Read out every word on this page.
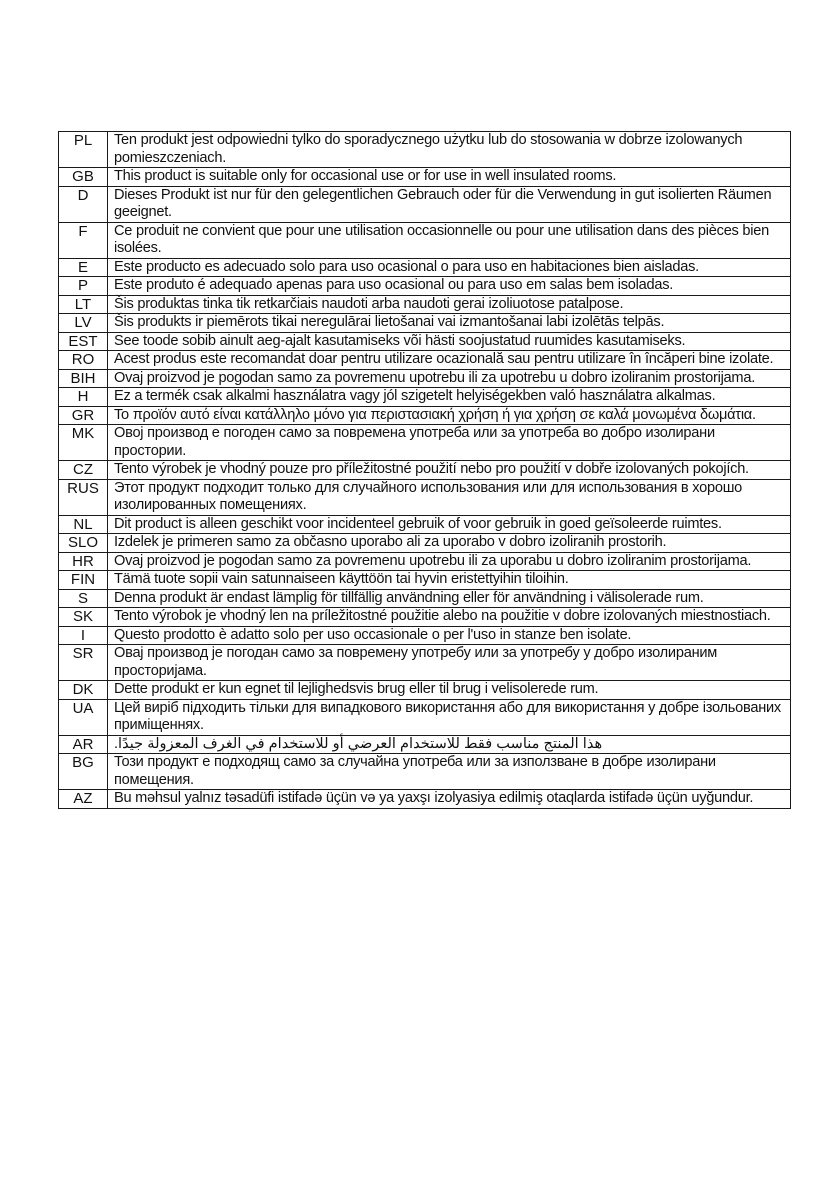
PL	Ten produkt jest odpowiedni tylko do sporadycznego użytku lub do stosowania w dobrze izolowanych pomieszczeniach.
GB	This product is suitable only for occasional use or for use in well insulated rooms.
D	Dieses Produkt ist nur für den gelegentlichen Gebrauch oder für die Verwendung in gut isolierten Räumen geeignet.
F	Ce produit ne convient que pour une utilisation occasionnelle ou pour une utilisation dans des pièces bien isolées.
E	Este producto es adecuado solo para uso ocasional o para uso en habitaciones bien aisladas.
P	Este produto é adequado apenas para uso ocasional ou para uso em salas bem isoladas.
LT	Šis produktas tinka tik retkarčiais naudoti arba naudoti gerai izoliuotose patalpose.
LV	Šis produkts ir piemērots tikai neregulārai lietošanai vai izmantošanai labi izolētās telpās.
EST	See toode sobib ainult aeg-ajalt kasutamiseks või hästi soojustatud ruumides kasutamiseks.
RO	Acest produs este recomandat doar pentru utilizare ocazională sau pentru utilizare în încăperi bine izolate.
BIH	Ovaj proizvod je pogodan samo za povremenu upotrebu ili za upotrebu u dobro izoliranim prostorijama.
H	Ez a termék csak alkalmi használatra vagy jól szigetelt helyiségekben való használatra alkalmas.
GR	Το προϊόν αυτό είναι κατάλληλο μόνο για περιστασιακή χρήση ή για χρήση σε καλά μονωμένα δωμάτια.
MK	Овој производ е погоден само за повремена употреба или за употреба во добро изолирани простории.
CZ	Tento výrobek je vhodný pouze pro příležitostné použití nebo pro použití v dobře izolovaných pokojích.
RUS	Этот продукт подходит только для случайного использования или для использования в хорошо изолированных помещениях.
NL	Dit product is alleen geschikt voor incidenteel gebruik of voor gebruik in goed geïsoleerde ruimtes.
SLO	Izdelek je primeren samo za občasno uporabo ali za uporabo v dobro izoliranih prostorih.
HR	Ovaj proizvod je pogodan samo za povremenu upotrebu ili za uporabu u dobro izoliranim prostorijama.
FIN	Tämä tuote sopii vain satunnaiseen käyttöön tai hyvin eristettyihin tiloihin.
S	Denna produkt är endast lämplig för tillfällig användning eller för användning i välisolerade rum.
SK	Tento výrobok je vhodný len na príležitostné použitie alebo na použitie v dobre izolovaných miestnostiach.
I	Questo prodotto è adatto solo per uso occasionale o per l'uso in stanze ben isolate.
SR	Овај производ је погодан само за повремену употребу или за употребу у добро изолираним просторијама.
DK	Dette produkt er kun egnet til lejlighedsvis brug eller til brug i velisolerede rum.
UA	Цей виріб підходить тільки для випадкового використання або для використання у добре ізольованих приміщеннях.
AR	هذا المنتج مناسب فقط للاستخدام العرضي أو للاستخدام في الغرف المعزولة جيدًا.
BG	Този продукт е подходящ само за случайна употреба или за използване в добре изолирани помещения.
AZ	Bu məhsul yalnız təsadüfi istifadə üçün və ya yaxşı izolyasiya edilmiş otaqlarda istifadə üçün uyğundur.
